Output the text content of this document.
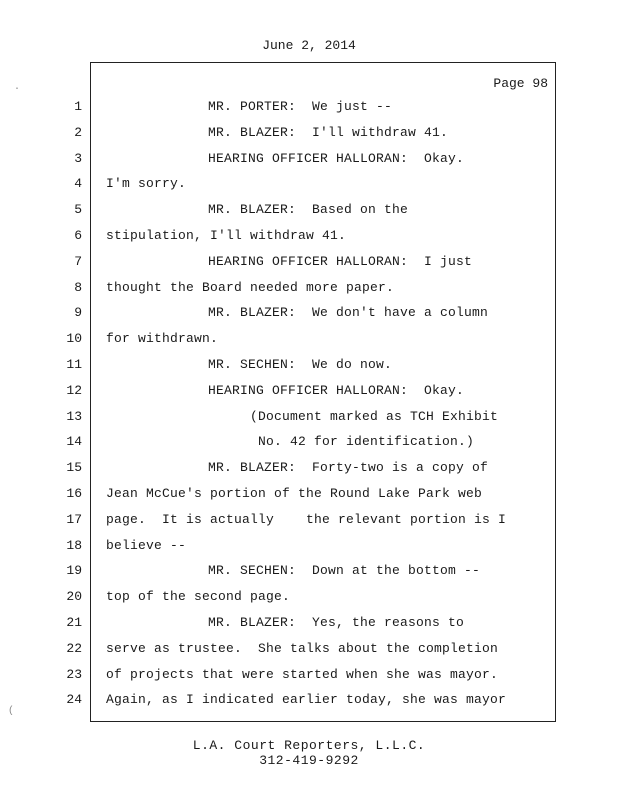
June 2, 2014
Page 98
1	MR. PORTER:  We just --
2	MR. BLAZER:  I'll withdraw 41.
3	HEARING OFFICER HALLORAN:  Okay.
4 I'm sorry.
5	MR. BLAZER:  Based on the
6 stipulation, I'll withdraw 41.
7	HEARING OFFICER HALLORAN:  I just
8 thought the Board needed more paper.
9	MR. BLAZER:  We don't have a column
10 for withdrawn.
11	MR. SECHEN:  We do now.
12	HEARING OFFICER HALLORAN:  Okay.
13	(Document marked as TCH Exhibit
14	No. 42 for identification.)
15	MR. BLAZER:  Forty-two is a copy of
16 Jean McCue's portion of the Round Lake Park web
17 page.  It is actually    the relevant portion is I
18 believe --
19	MR. SECHEN:  Down at the bottom --
20 top of the second page.
21	MR. BLAZER:  Yes, the reasons to
22 serve as trustee.  She talks about the completion
23 of projects that were started when she was mayor.
24 Again, as I indicated earlier today, she was mayor
L.A. Court Reporters, L.L.C.
312-419-9292
·
(
